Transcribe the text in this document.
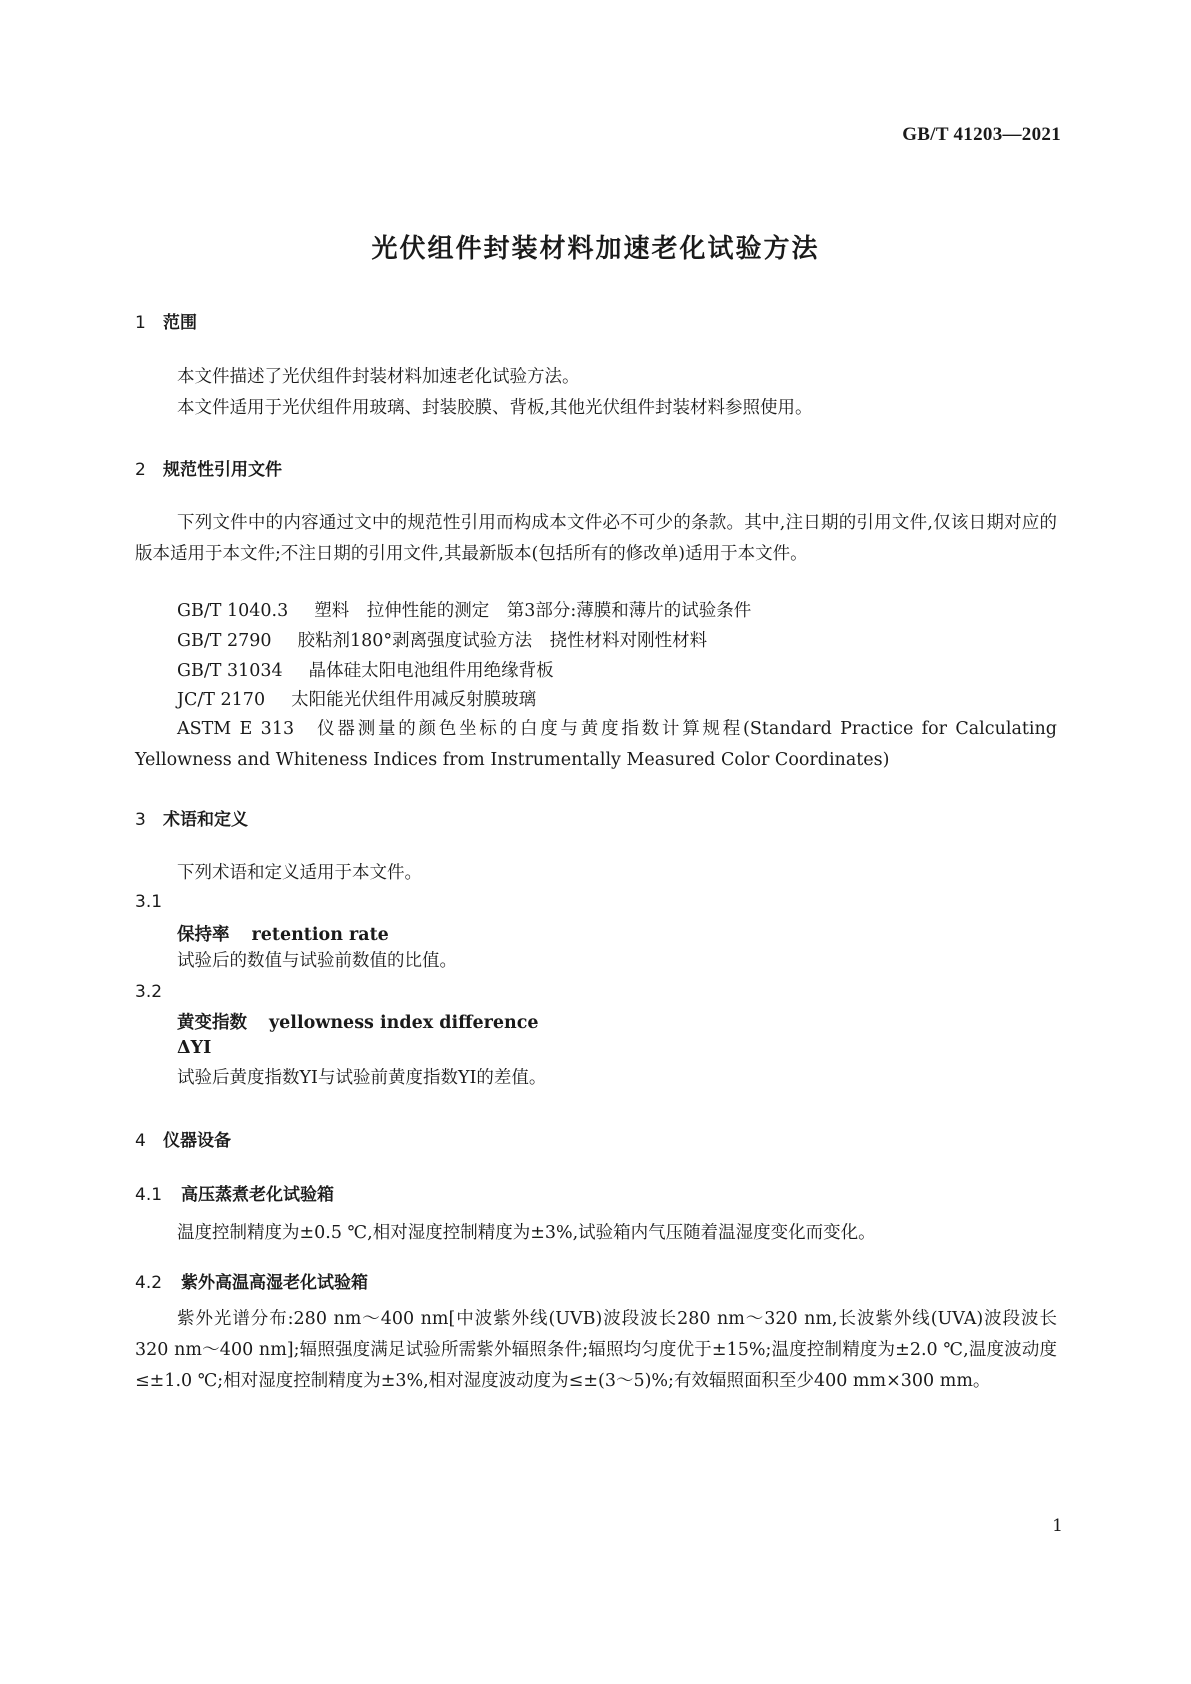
GB/T 41203—2021
光伏组件封装材料加速老化试验方法
1 范围
本文件描述了光伏组件封装材料加速老化试验方法。
本文件适用于光伏组件用玻璃、封装胶膜、背板,其他光伏组件封装材料参照使用。
2 规范性引用文件
下列文件中的内容通过文中的规范性引用而构成本文件必不可少的条款。其中,注日期的引用文件,仅该日期对应的版本适用于本文件;不注日期的引用文件,其最新版本(包括所有的修改单)适用于本文件。
GB/T 1040.3 塑料　拉伸性能的测定　第3部分:薄膜和薄片的试验条件
GB/T 2790 胶粘剂180°剥离强度试验方法　挠性材料对刚性材料
GB/T 31034 晶体硅太阳电池组件用绝缘背板
JC/T 2170 太阳能光伏组件用减反射膜玻璃
ASTM E 313　仪器测量的颜色坐标的白度与黄度指数计算规程(Standard Practice for Calculating Yellowness and Whiteness Indices from Instrumentally Measured Color Coordinates)
3 术语和定义
下列术语和定义适用于本文件。
3.1
保持率 retention rate
试验后的数值与试验前数值的比值。
3.2
黄变指数 yellowness index difference
ΔYI
试验后黄度指数YI与试验前黄度指数YI的差值。
4 仪器设备
4.1 高压蒸煮老化试验箱
温度控制精度为±0.5 ℃,相对湿度控制精度为±3%,试验箱内气压随着温湿度变化而变化。
4.2 紫外高温高湿老化试验箱
紫外光谱分布:280 nm～400 nm[中波紫外线(UVB)波段波长280 nm～320 nm,长波紫外线(UVA)波段波长320 nm～400 nm];辐照强度满足试验所需紫外辐照条件;辐照均匀度优于±15%;温度控制精度为±2.0 ℃,温度波动度≤±1.0 ℃;相对湿度控制精度为±3%,相对湿度波动度为≤±(3～5)%;有效辐照面积至少400 mm×300 mm。
1
